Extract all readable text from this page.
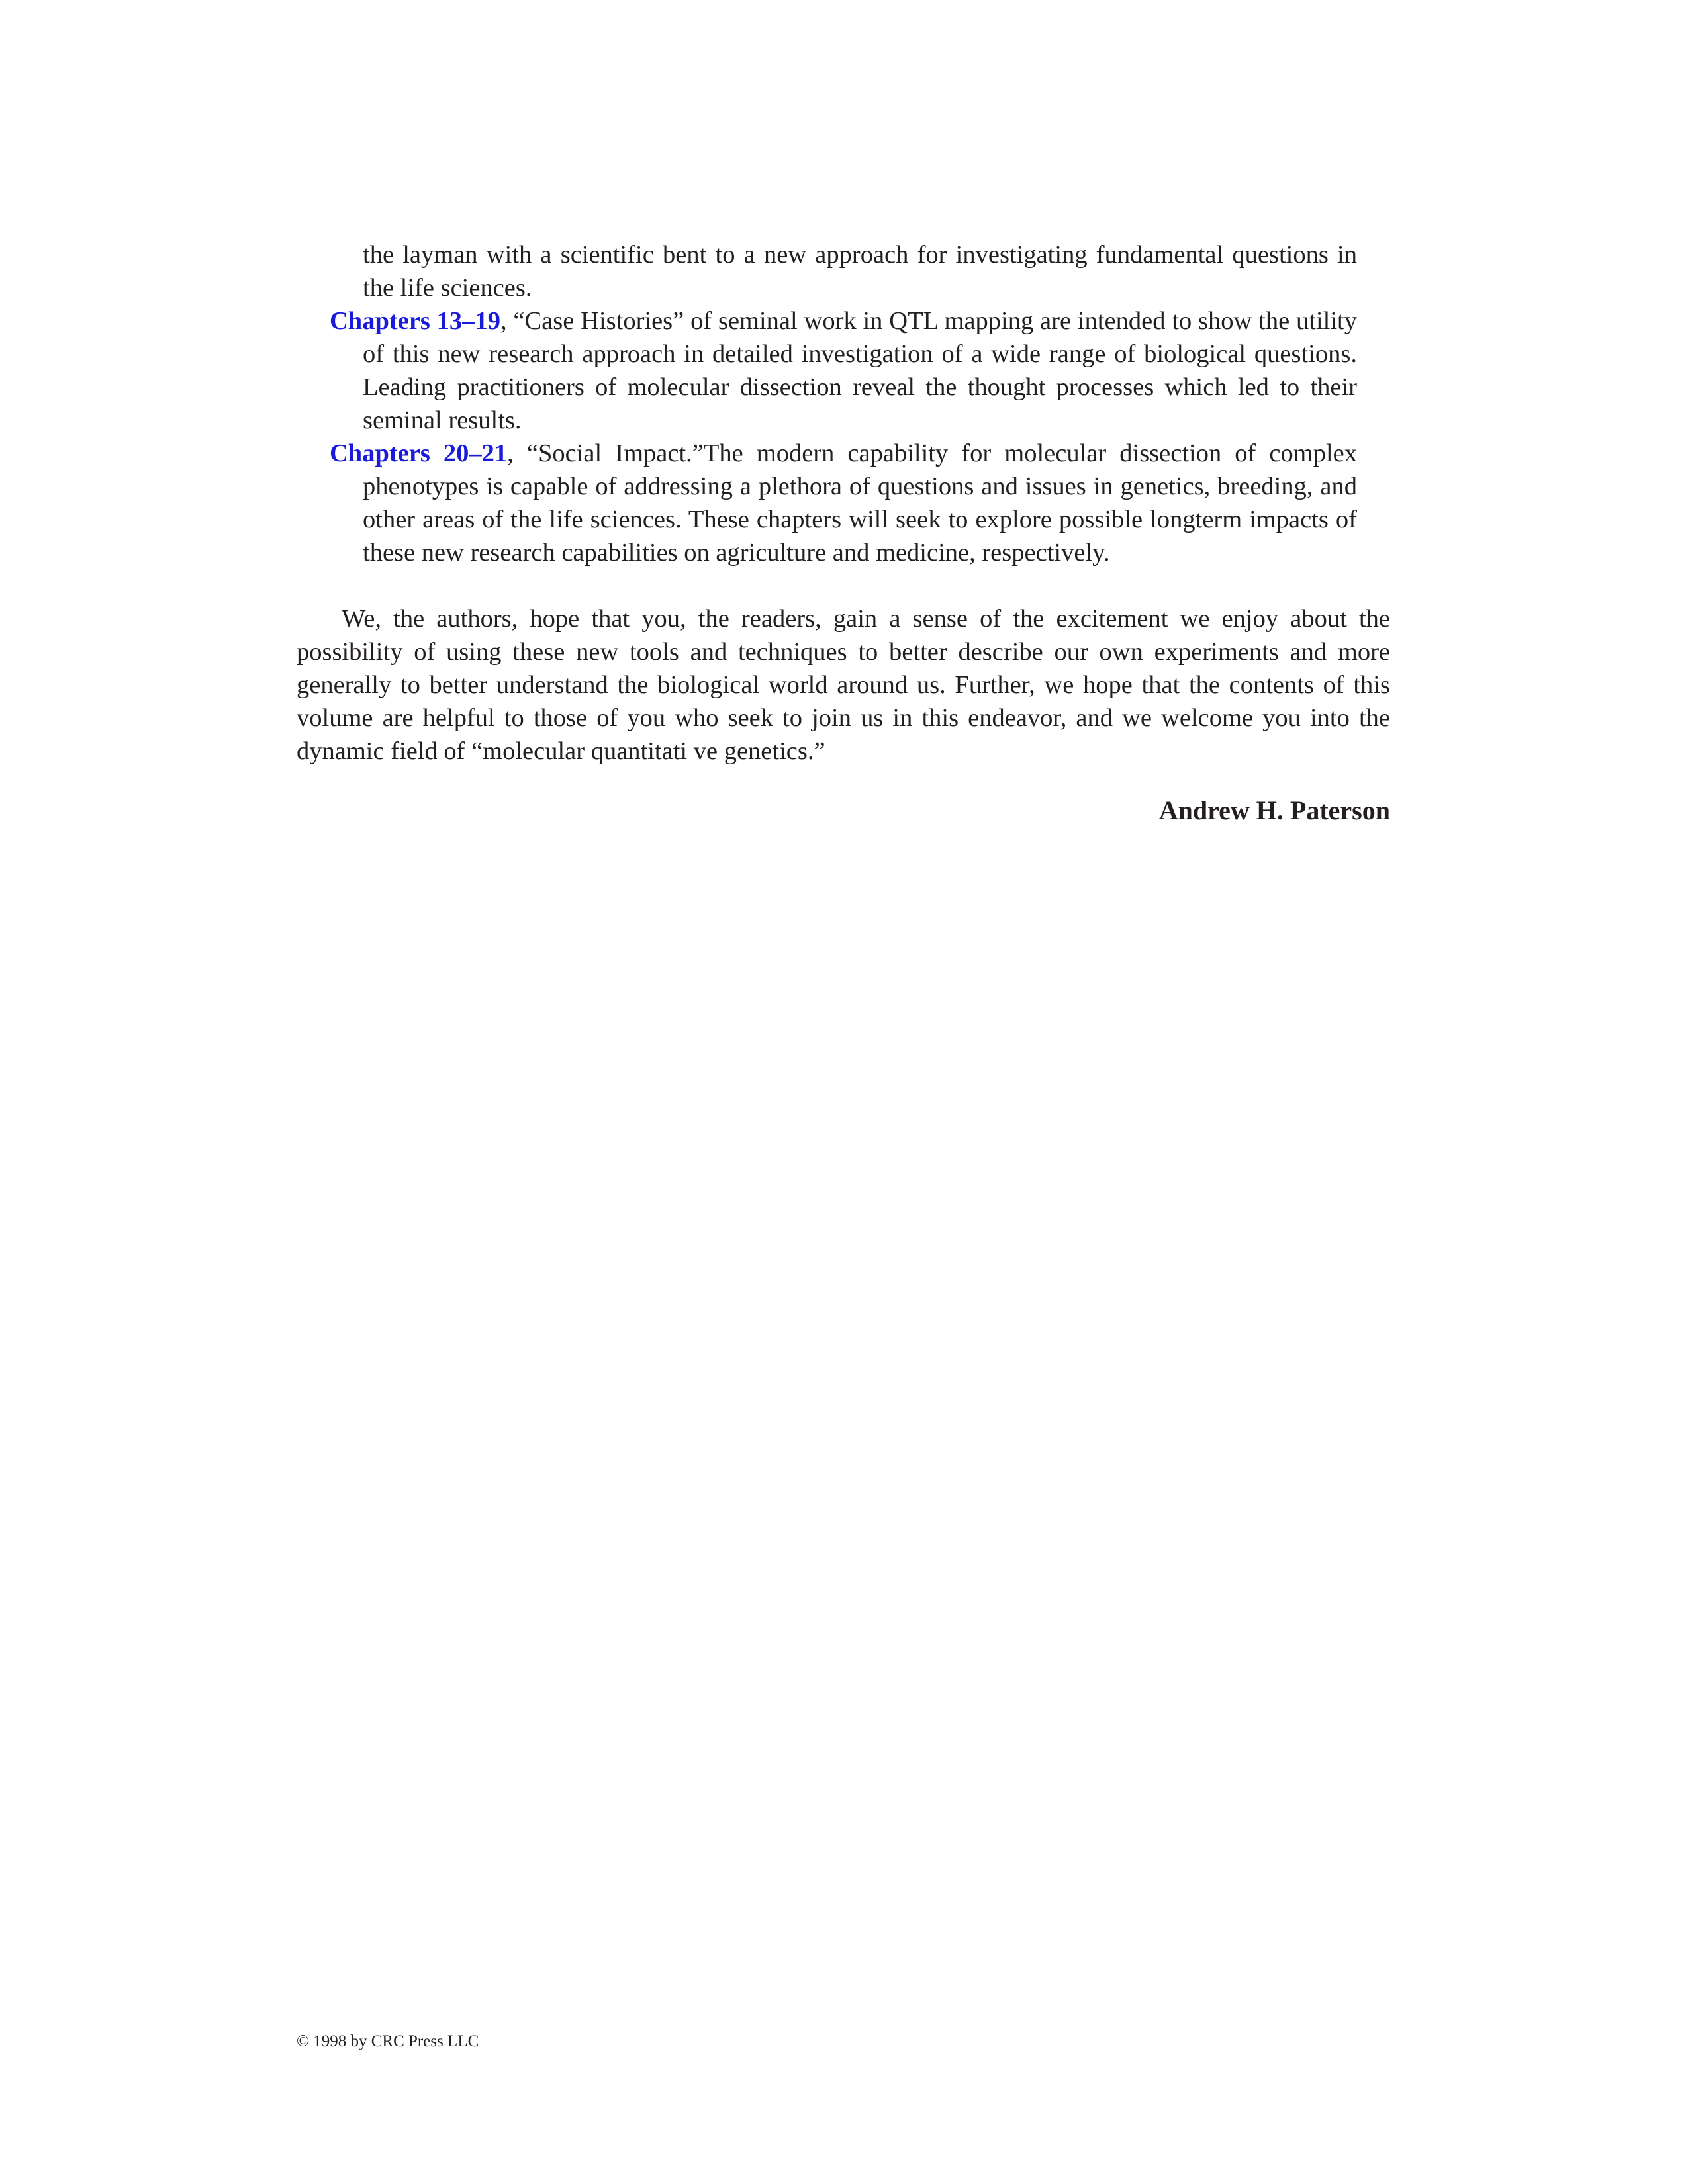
the layman with a scientific bent to a new approach for investigating fundamental questions in the life sciences.

Chapters 13–19, “Case Histories” of seminal work in QTL mapping are intended to show the utility of this new research approach in detailed investigation of a wide range of biological questions. Leading practitioners of molecular dissection reveal the thought processes which led to their seminal results.

Chapters 20–21, “Social Impact.”The modern capability for molecular dissection of complex phenotypes is capable of addressing a plethora of questions and issues in genetics, breeding, and other areas of the life sciences. These chapters will seek to explore possible longterm impacts of these new research capabilities on agriculture and medicine, respectively.

We, the authors, hope that you, the readers, gain a sense of the excitement we enjoy about the possibility of using these new tools and techniques to better describe our own experiments and more generally to better understand the biological world around us. Further, we hope that the contents of this volume are helpful to those of you who seek to join us in this endeavor, and we welcome you into the dynamic field of “molecular quantitati ve genetics.”

Andrew H. Paterson
© 1998 by CRC Press LLC
